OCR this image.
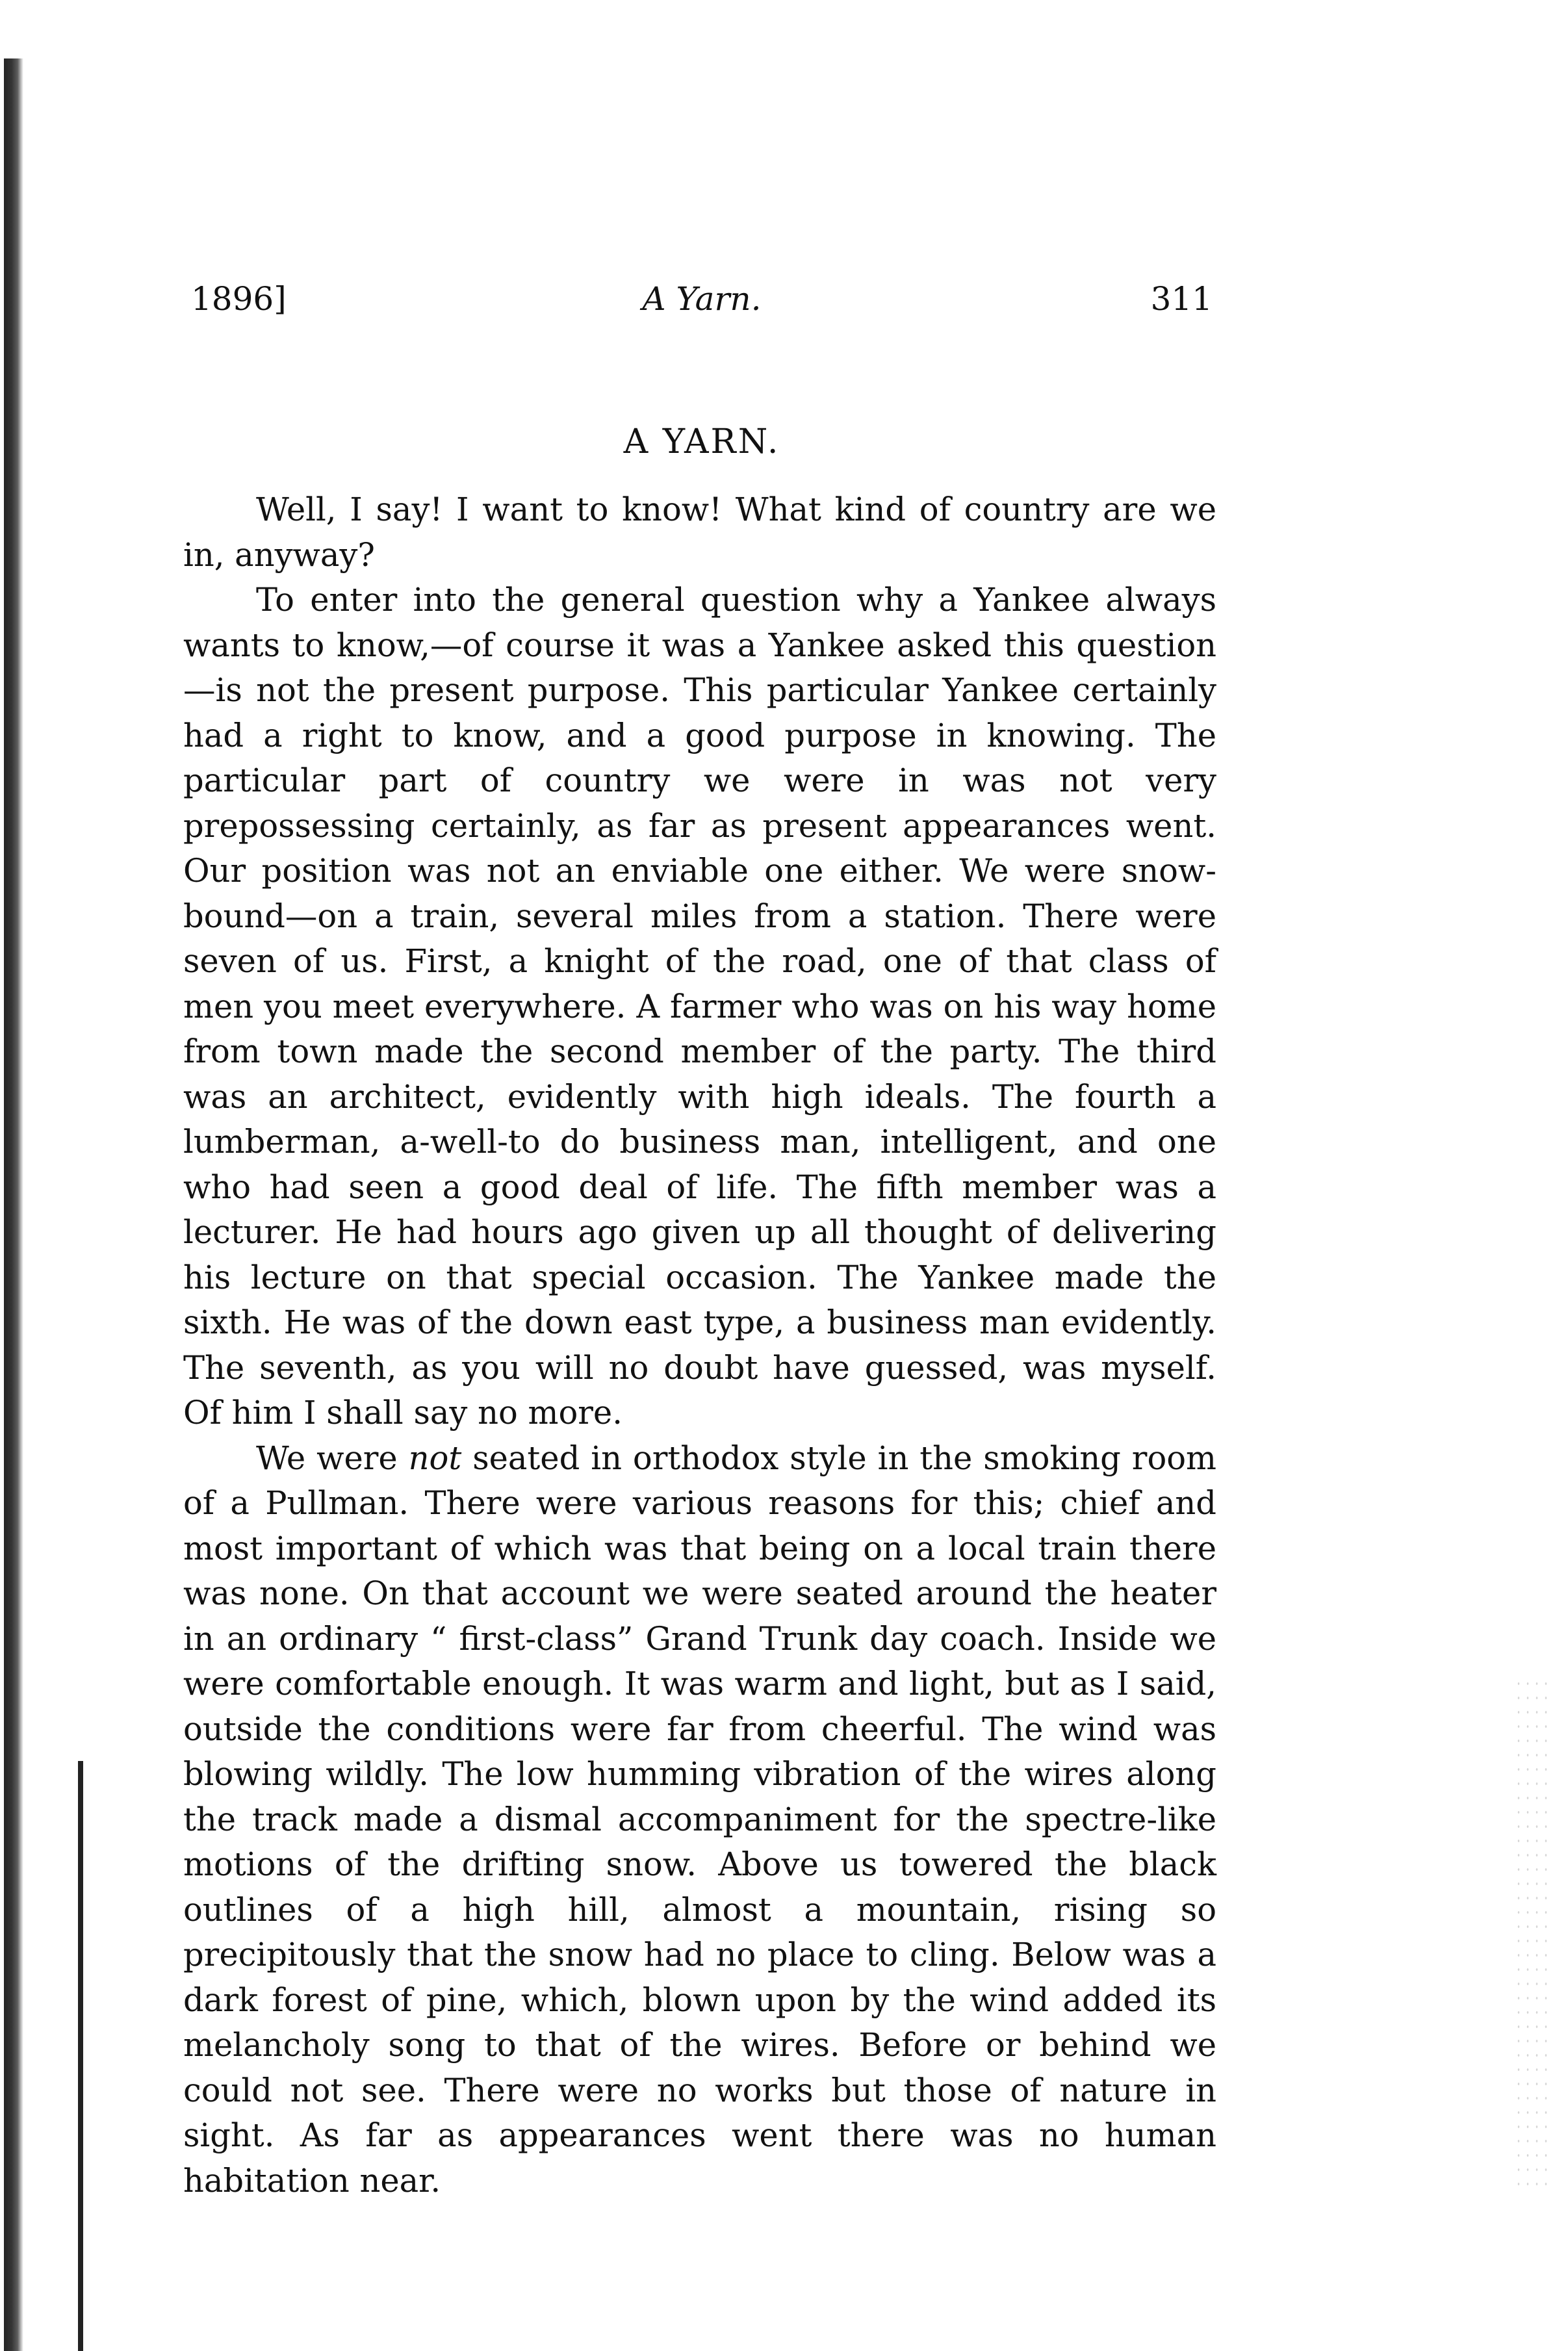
1896]	A Yarn.	311
A YARN.

Well, I say! I want to know! What kind of country are we in, anyway?

To enter into the general question why a Yankee always wants to know,—of course it was a Yankee asked this question —is not the present purpose. This particular Yankee certainly had a right to know, and a good purpose in knowing. The particular part of country we were in was not very prepossessing certainly, as far as present appearances went. Our position was not an enviable one either. We were snow-bound—on a train, several miles from a station. There were seven of us. First, a knight of the road, one of that class of men you meet everywhere. A farmer who was on his way home from town made the second member of the party. The third was an architect, evidently with high ideals. The fourth a lumberman, a-well-to do business man, intelligent, and one who had seen a good deal of life. The fifth member was a lecturer. He had hours ago given up all thought of delivering his lecture on that special occasion. The Yankee made the sixth. He was of the down east type, a business man evidently. The seventh, as you will no doubt have guessed, was myself. Of him I shall say no more.

We were not seated in orthodox style in the smoking room of a Pullman. There were various reasons for this; chief and most important of which was that being on a local train there was none. On that account we were seated around the heater in an ordinary “ first-class” Grand Trunk day coach. Inside we were comfortable enough. It was warm and light, but as I said, outside the conditions were far from cheerful. The wind was blowing wildly. The low humming vibration of the wires along the track made a dismal accompaniment for the spectre-like motions of the drifting snow. Above us towered the black outlines of a high hill, almost a mountain, rising so precipitously that the snow had no place to cling. Below was a dark forest of pine, which, blown upon by the wind added its melancholy song to that of the wires. Before or behind we could not see. There were no works but those of nature in sight. As far as appearances went there was no human habitation near.
